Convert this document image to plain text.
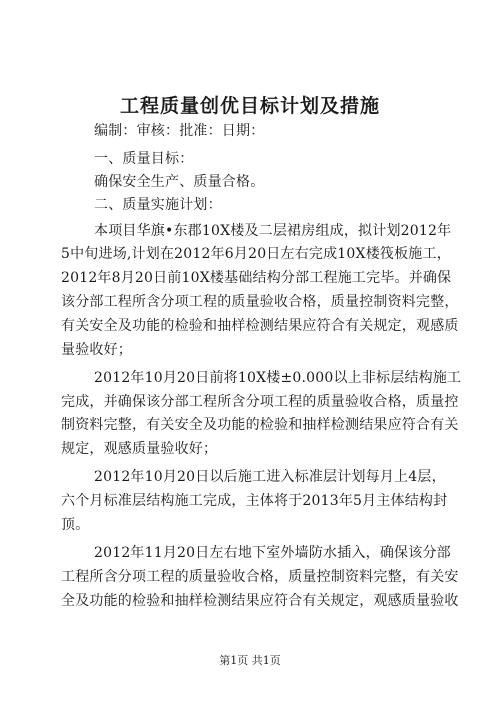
工程质量创优目标计划及措施
编制：审核：批准：日期：
一、质量目标：
确保安全生产、质量合格。
二、质量实施计划：
本项目华旗•东郡10X楼及二层裙房组成，拟计划2012年
5中旬进场,计划在2012年6月20日左右完成10X楼筏板施工，
2012年8月20日前10X楼基础结构分部工程施工完毕。并确保
该分部工程所含分项工程的质量验收合格，质量控制资料完整，
有关安全及功能的检验和抽样检测结果应符合有关规定，观感质
量验收好；
2012年10月20日前将10X楼±0.000以上非标层结构施工
完成，并确保该分部工程所含分项工程的质量验收合格，质量控
制资料完整，有关安全及功能的检验和抽样检测结果应符合有关
规定，观感质量验收好；
2012年10月20日以后施工进入标准层计划每月上4层，
六个月标准层结构施工完成，主体将于2013年5月主体结构封
顶。
2012年11月20日左右地下室外墙防水插入，确保该分部
工程所含分项工程的质量验收合格，质量控制资料完整，有关安
全及功能的检验和抽样检测结果应符合有关规定，观感质量验收
第1页 共1页
